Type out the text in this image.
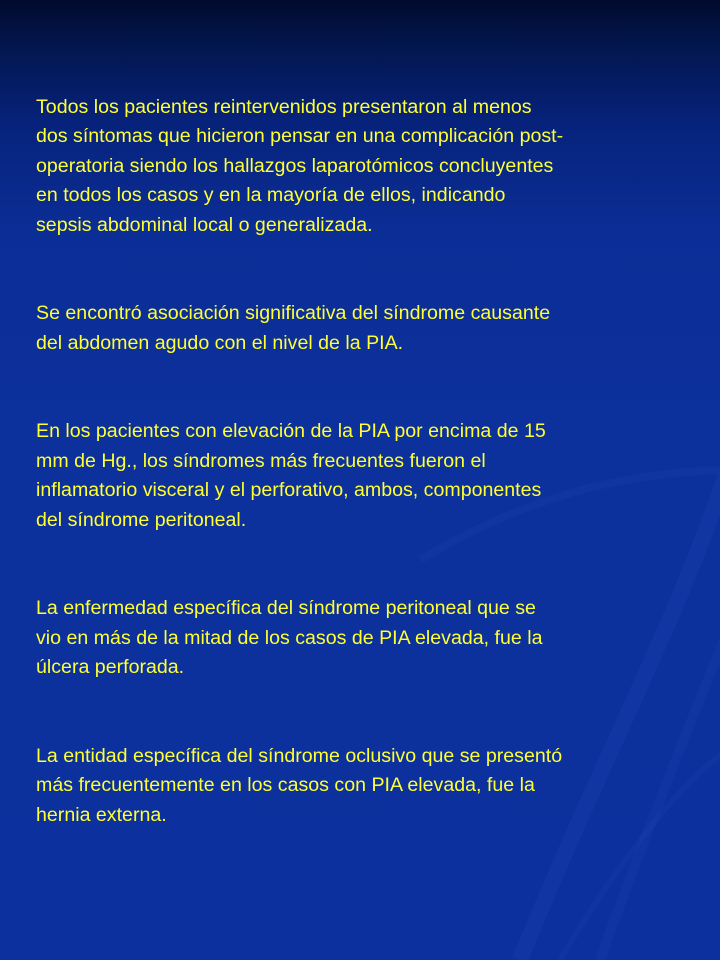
Todos los pacientes reintervenidos presentaron al menos
dos síntomas que hicieron pensar en una complicación post-
operatoria siendo los hallazgos laparotómicos concluyentes
en todos los casos y en la mayoría de ellos, indicando
sepsis abdominal local o generalizada.

Se encontró asociación significativa del síndrome causante
del abdomen agudo con el nivel de la PIA.

En los pacientes con elevación de la PIA por encima de 15
mm de Hg., los síndromes más frecuentes fueron el
inflamatorio visceral y el perforativo, ambos, componentes
del síndrome peritoneal.

La enfermedad específica del síndrome peritoneal que se
vio en más de la mitad de los casos de PIA elevada, fue la
úlcera perforada.

La entidad específica del síndrome oclusivo que se presentó
más frecuentemente en los casos con PIA elevada, fue la
hernia externa.
